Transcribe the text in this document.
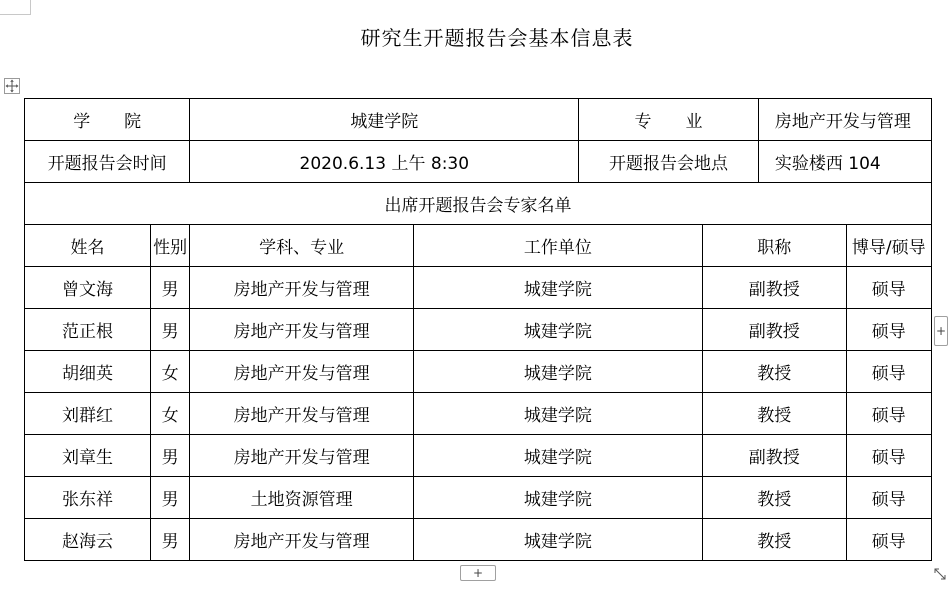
研究生开题报告会基本信息表
学　　院		城建学院		专　　业		房地产开发与管理	
开题报告会时间		2020.6.13 上午 8:30		开题报告会地点		实验楼西 104	
出席开题报告会专家名单							
姓名	性别	学科、专业	工作单位		职称		博导/硕导
曾文海	男	房地产开发与管理	城建学院		副教授		硕导
范正根	男	房地产开发与管理	城建学院		副教授		硕导
胡细英	女	房地产开发与管理	城建学院		教授		硕导
刘群红	女	房地产开发与管理	城建学院		教授		硕导
刘章生	男	房地产开发与管理	城建学院		副教授		硕导
张东祥	男	土地资源管理	城建学院		教授		硕导
赵海云	男	房地产开发与管理	城建学院		教授		硕导
+
+
